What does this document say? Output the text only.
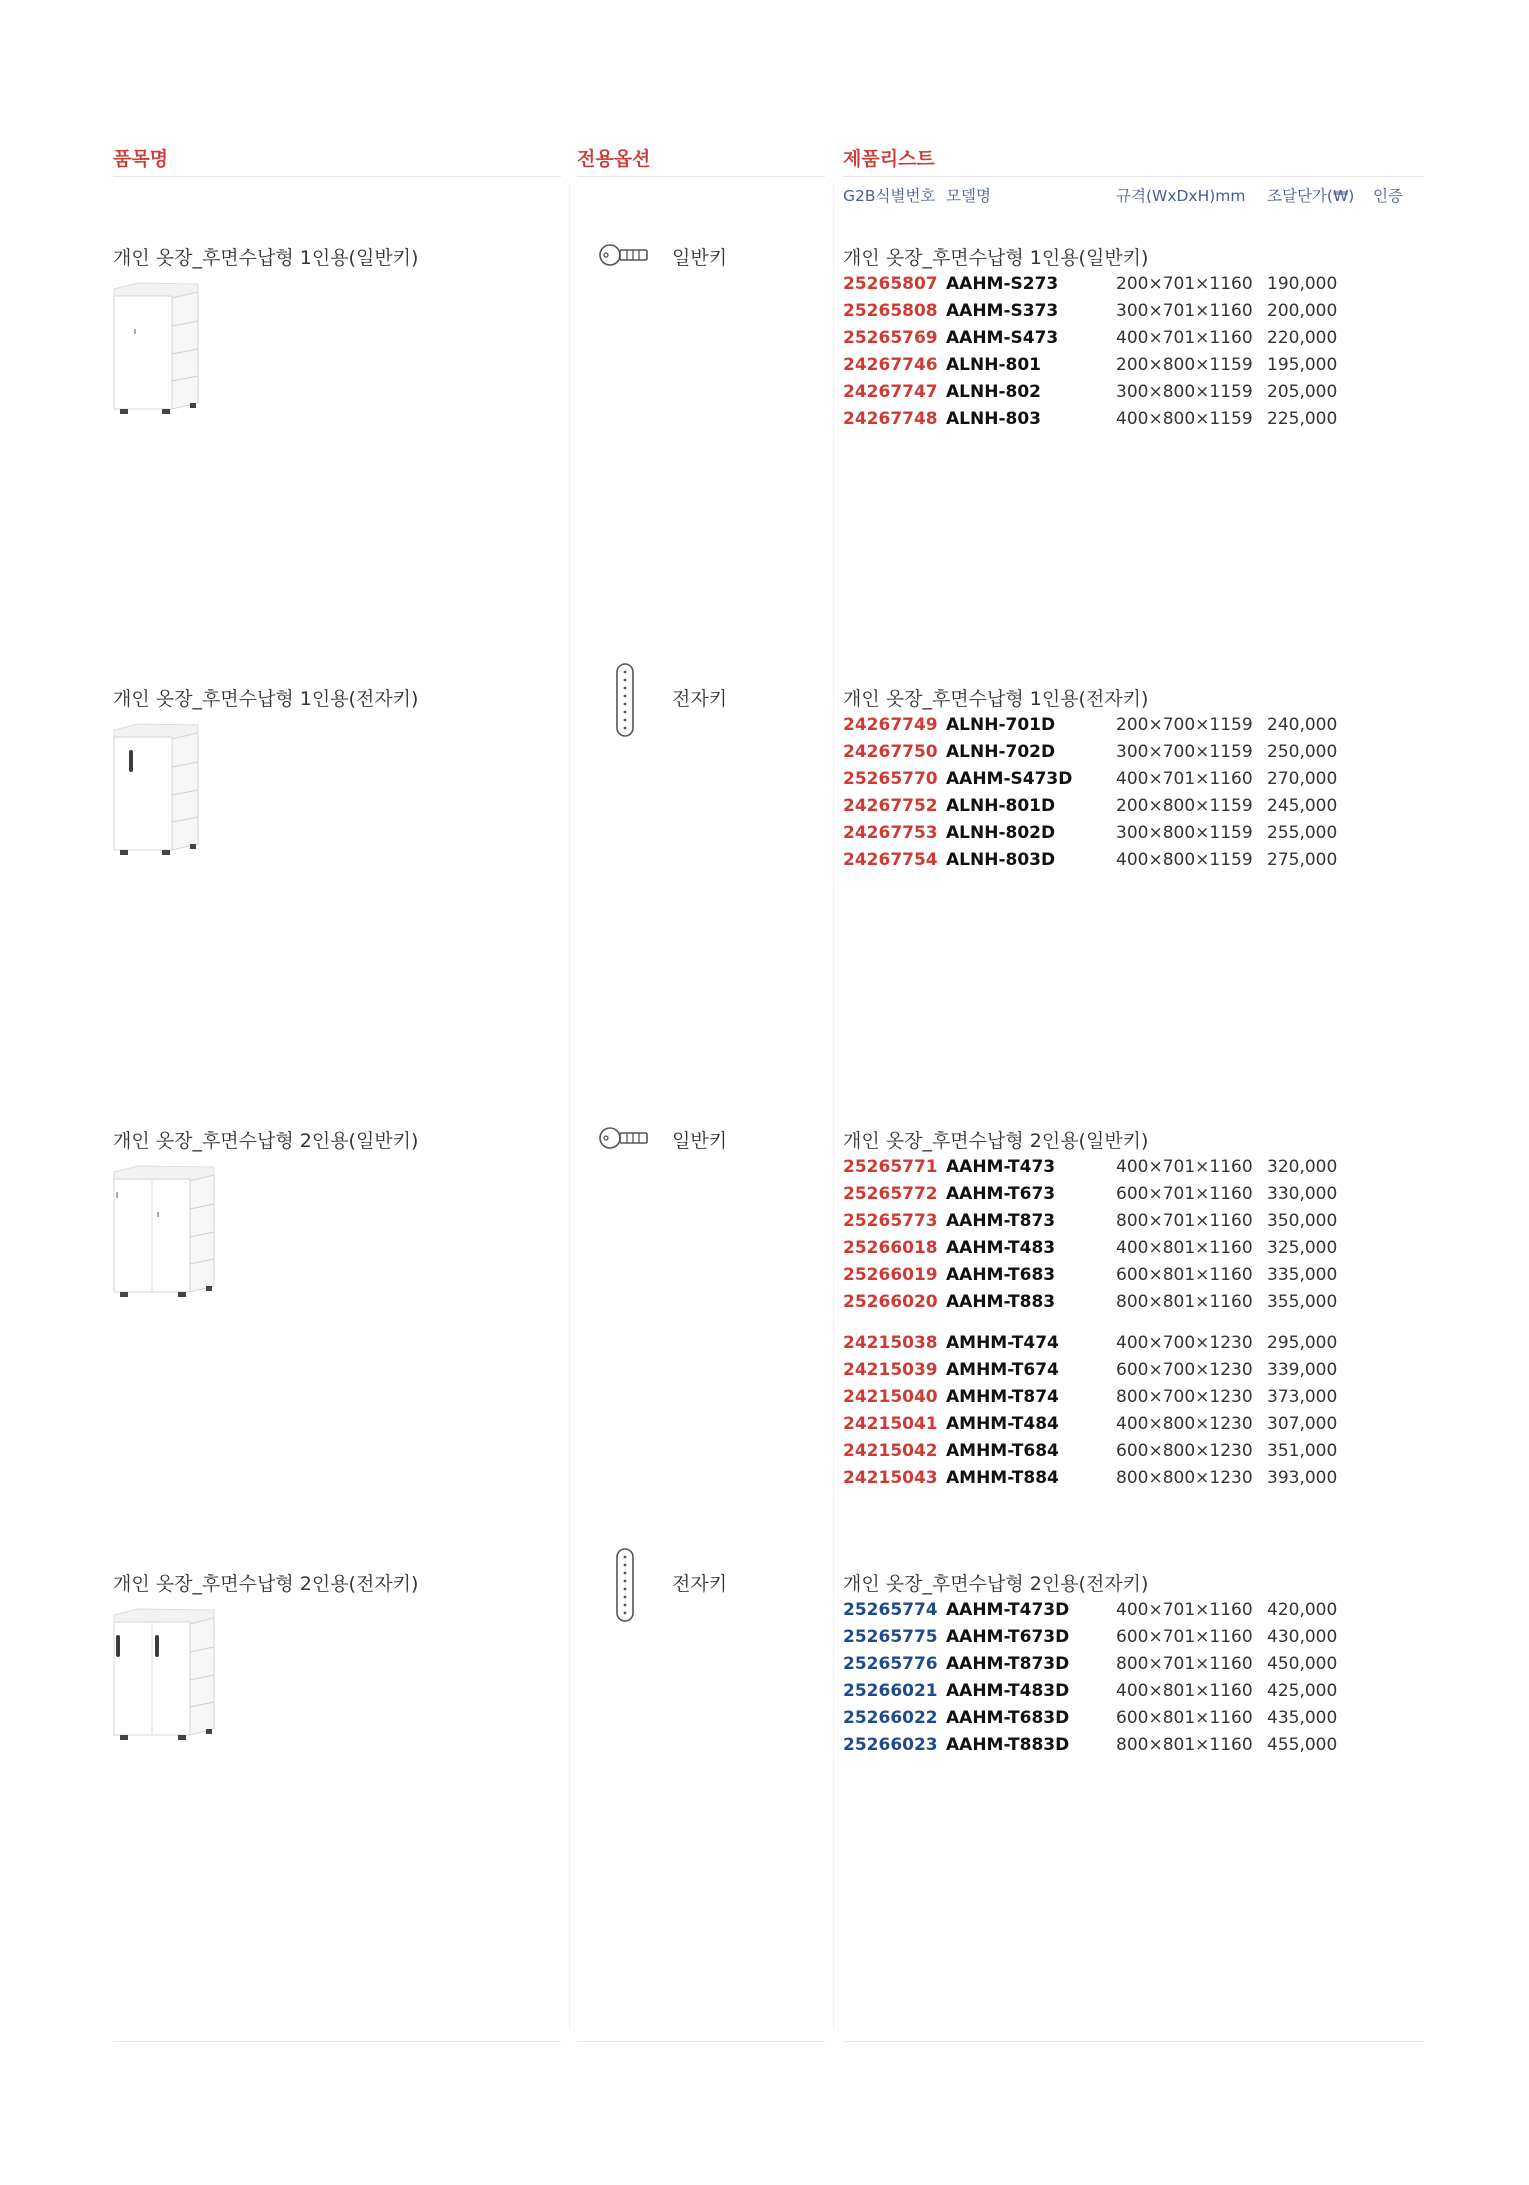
품목명	전용옵션	제품리스트
G2B식별번호 모델명	규격(WxDxH)mm 조달단가(₩) 인증
개인 옷장_후면수납형 1인용(일반키)	일반키	개인 옷장_후면수납형 1인용(일반키)
25265807 AAHM-S273	200×701×1160 190,000
25265808 AAHM-S373	300×701×1160 200,000
25265769 AAHM-S473	400×701×1160 220,000
24267746 ALNH-801	200×800×1159 195,000
24267747 ALNH-802	300×800×1159 205,000
24267748 ALNH-803	400×800×1159 225,000
개인 옷장_후면수납형 1인용(전자키)	전자키	개인 옷장_후면수납형 1인용(전자키)
24267749 ALNH-701D	200×700×1159 240,000
24267750 ALNH-702D	300×700×1159 250,000
25265770 AAHM-S473D	400×701×1160 270,000
24267752 ALNH-801D	200×800×1159 245,000
24267753 ALNH-802D	300×800×1159 255,000
24267754 ALNH-803D	400×800×1159 275,000
개인 옷장_후면수납형 2인용(일반키)	일반키	개인 옷장_후면수납형 2인용(일반키)
25265771 AAHM-T473	400×701×1160 320,000
25265772 AAHM-T673	600×701×1160 330,000
25265773 AAHM-T873	800×701×1160 350,000
25266018 AAHM-T483	400×801×1160 325,000
25266019 AAHM-T683	600×801×1160 335,000
25266020 AAHM-T883	800×801×1160 355,000
24215038 AMHM-T474	400×700×1230 295,000
24215039 AMHM-T674	600×700×1230 339,000
24215040 AMHM-T874	800×700×1230 373,000
24215041 AMHM-T484	400×800×1230 307,000
24215042 AMHM-T684	600×800×1230 351,000
24215043 AMHM-T884	800×800×1230 393,000
개인 옷장_후면수납형 2인용(전자키)	전자키	개인 옷장_후면수납형 2인용(전자키)
25265774 AAHM-T473D	400×701×1160 420,000
25265775 AAHM-T673D	600×701×1160 430,000
25265776 AAHM-T873D	800×701×1160 450,000
25266021 AAHM-T483D	400×801×1160 425,000
25266022 AAHM-T683D	600×801×1160 435,000
25266023 AAHM-T883D	800×801×1160 455,000
